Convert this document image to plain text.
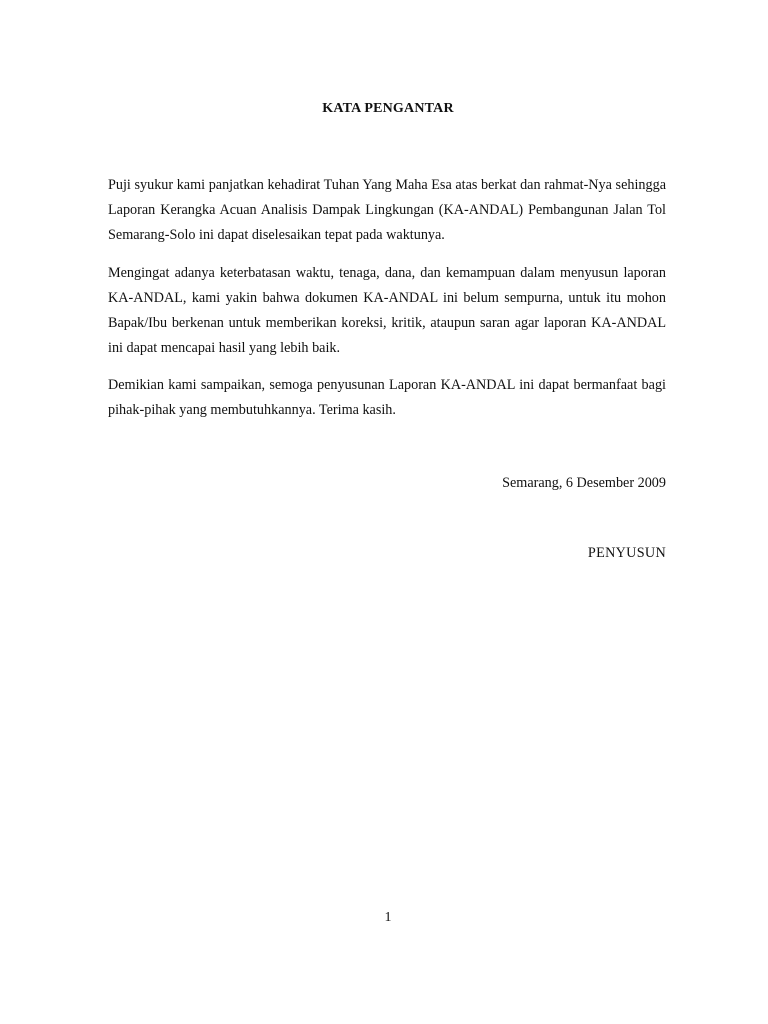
KATA PENGANTAR

Puji syukur kami panjatkan kehadirat Tuhan Yang Maha Esa atas berkat dan rahmat-Nya sehingga Laporan Kerangka Acuan Analisis Dampak Lingkungan (KA-ANDAL) Pembangunan Jalan Tol Semarang-Solo ini dapat diselesaikan tepat pada waktunya.

Mengingat adanya keterbatasan waktu, tenaga, dana, dan kemampuan dalam menyusun laporan KA-ANDAL, kami yakin bahwa dokumen KA-ANDAL ini belum sempurna, untuk itu mohon Bapak/Ibu berkenan untuk memberikan koreksi, kritik, ataupun saran agar laporan KA-ANDAL ini dapat mencapai hasil yang lebih baik.

Demikian kami sampaikan, semoga penyusunan Laporan KA-ANDAL ini dapat bermanfaat bagi pihak-pihak yang membutuhkannya. Terima kasih.

Semarang, 6 Desember 2009
PENYUSUN
1
